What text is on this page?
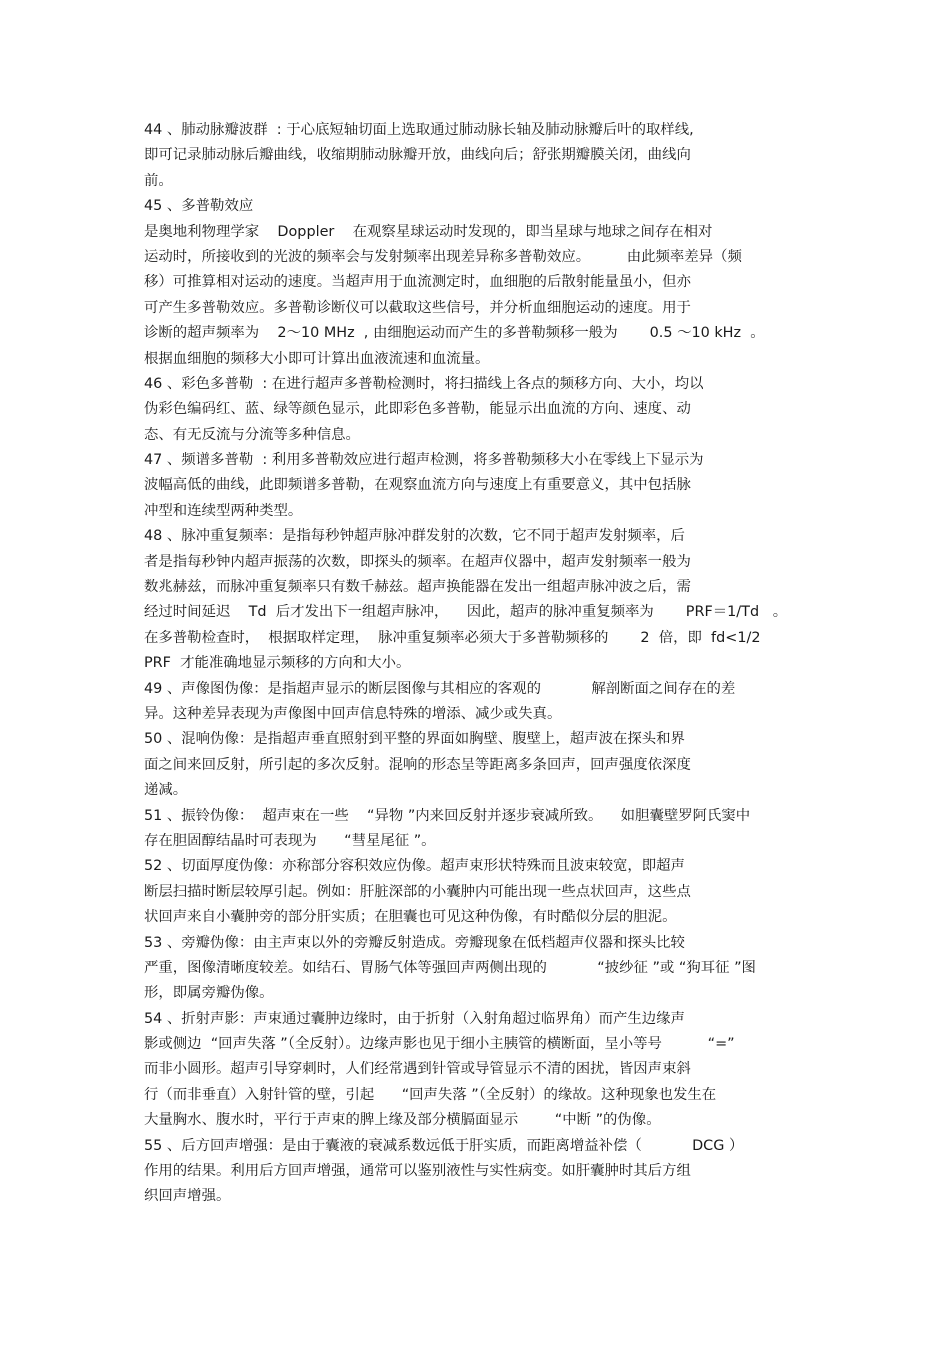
44 、肺动脉瓣波群  : 于心底短轴切面上选取通过肺动脉长轴及肺动脉瓣后叶的取样线,
即可记录肺动脉后瓣曲线，收缩期肺动脉瓣开放，曲线向后；舒张期瓣膜关闭，曲线向
前。
45 、多普勒效应
是奥地利物理学家    Doppler    在观察星球运动时发现的，即当星球与地球之间存在相对
运动时，所接收到的光波的频率会与发射频率出现差异称多普勒效应。        由此频率差异（频
移）可推算相对运动的速度。当超声用于血流测定时，血细胞的后散射能量虽小，但亦
可产生多普勒效应。多普勒诊断仪可以截取这些信号，并分析血细胞运动的速度。用于
诊断的超声频率为    2～10 MHz  , 由细胞运动而产生的多普勒频移一般为       0.5 ～10 kHz  。
根据血细胞的频移大小即可计算出血液流速和血流量。
46 、彩色多普勒  : 在进行超声多普勒检测时，将扫描线上各点的频移方向、大小，均以
伪彩色编码红、蓝、绿等颜色显示，此即彩色多普勒，能显示出血流的方向、速度、动
态、有无反流与分流等多种信息。
47 、频谱多普勒  : 利用多普勒效应进行超声检测，将多普勒频移大小在零线上下显示为
波幅高低的曲线，此即频谱多普勒，在观察血流方向与速度上有重要意义，其中包括脉
冲型和连续型两种类型。
48 、脉冲重复频率：是指每秒钟超声脉冲群发射的次数，它不同于超声发射频率，后
者是指每秒钟内超声振荡的次数，即探头的频率。在超声仪器中，超声发射频率一般为
数兆赫兹，而脉冲重复频率只有数千赫兹。超声换能器在发出一组超声脉冲波之后，需
经过时间延迟    Td  后才发出下一组超声脉冲，    因此，超声的脉冲重复频率为       PRF＝1/Td   。
在多普勒检查时，  根据取样定理，  脉冲重复频率必须大于多普勒频移的       2  倍，即  fd<1/2
PRF  才能准确地显示频移的方向和大小。
49 、声像图伪像：是指超声显示的断层图像与其相应的客观的           解剖断面之间存在的差
异。这种差异表现为声像图中回声信息特殊的增添、减少或失真。
50 、混响伪像：是指超声垂直照射到平整的界面如胸壁、腹壁上，超声波在探头和界
面之间来回反射，所引起的多次反射。混响的形态呈等距离多条回声，回声强度依深度
递减。
51 、振铃伪像：  超声束在一些    “异物 ”内来回反射并逐步衰减所致。    如胆囊壁罗阿氏窦中
存在胆固醇结晶时可表现为      “彗星尾征 ”。
52 、切面厚度伪像：亦称部分容积效应伪像。超声束形状特殊而且波束较宽，即超声
断层扫描时断层较厚引起。例如：肝脏深部的小囊肿内可能出现一些点状回声，这些点
状回声来自小囊肿旁的部分肝实质；在胆囊也可见这种伪像，有时酷似分层的胆泥。
53 、旁瓣伪像：由主声束以外的旁瓣反射造成。旁瓣现象在低档超声仪器和探头比较
严重，图像清晰度较差。如结石、胃肠气体等强回声两侧出现的           “披纱征 ”或 “狗耳征 ”图
形，即属旁瓣伪像。
54 、折射声影：声束通过囊肿边缘时，由于折射（入射角超过临界角）而产生边缘声
影或侧边  “回声失落 ”（全反射）。边缘声影也见于细小主胰管的横断面，呈小等号          “=”
而非小圆形。超声引导穿刺时，人们经常遇到针管或导管显示不清的困扰，皆因声束斜
行（而非垂直）入射针管的壁，引起      “回声失落 ”（全反射）的缘故。这种现象也发生在
大量胸水、腹水时，平行于声束的脾上缘及部分横膈面显示        “中断 ”的伪像。
55 、后方回声增强：是由于囊液的衰减系数远低于肝实质，而距离增益补偿（           DCG ）
作用的结果。利用后方回声增强，通常可以鉴别液性与实性病变。如肝囊肿时其后方组
织回声增强。
